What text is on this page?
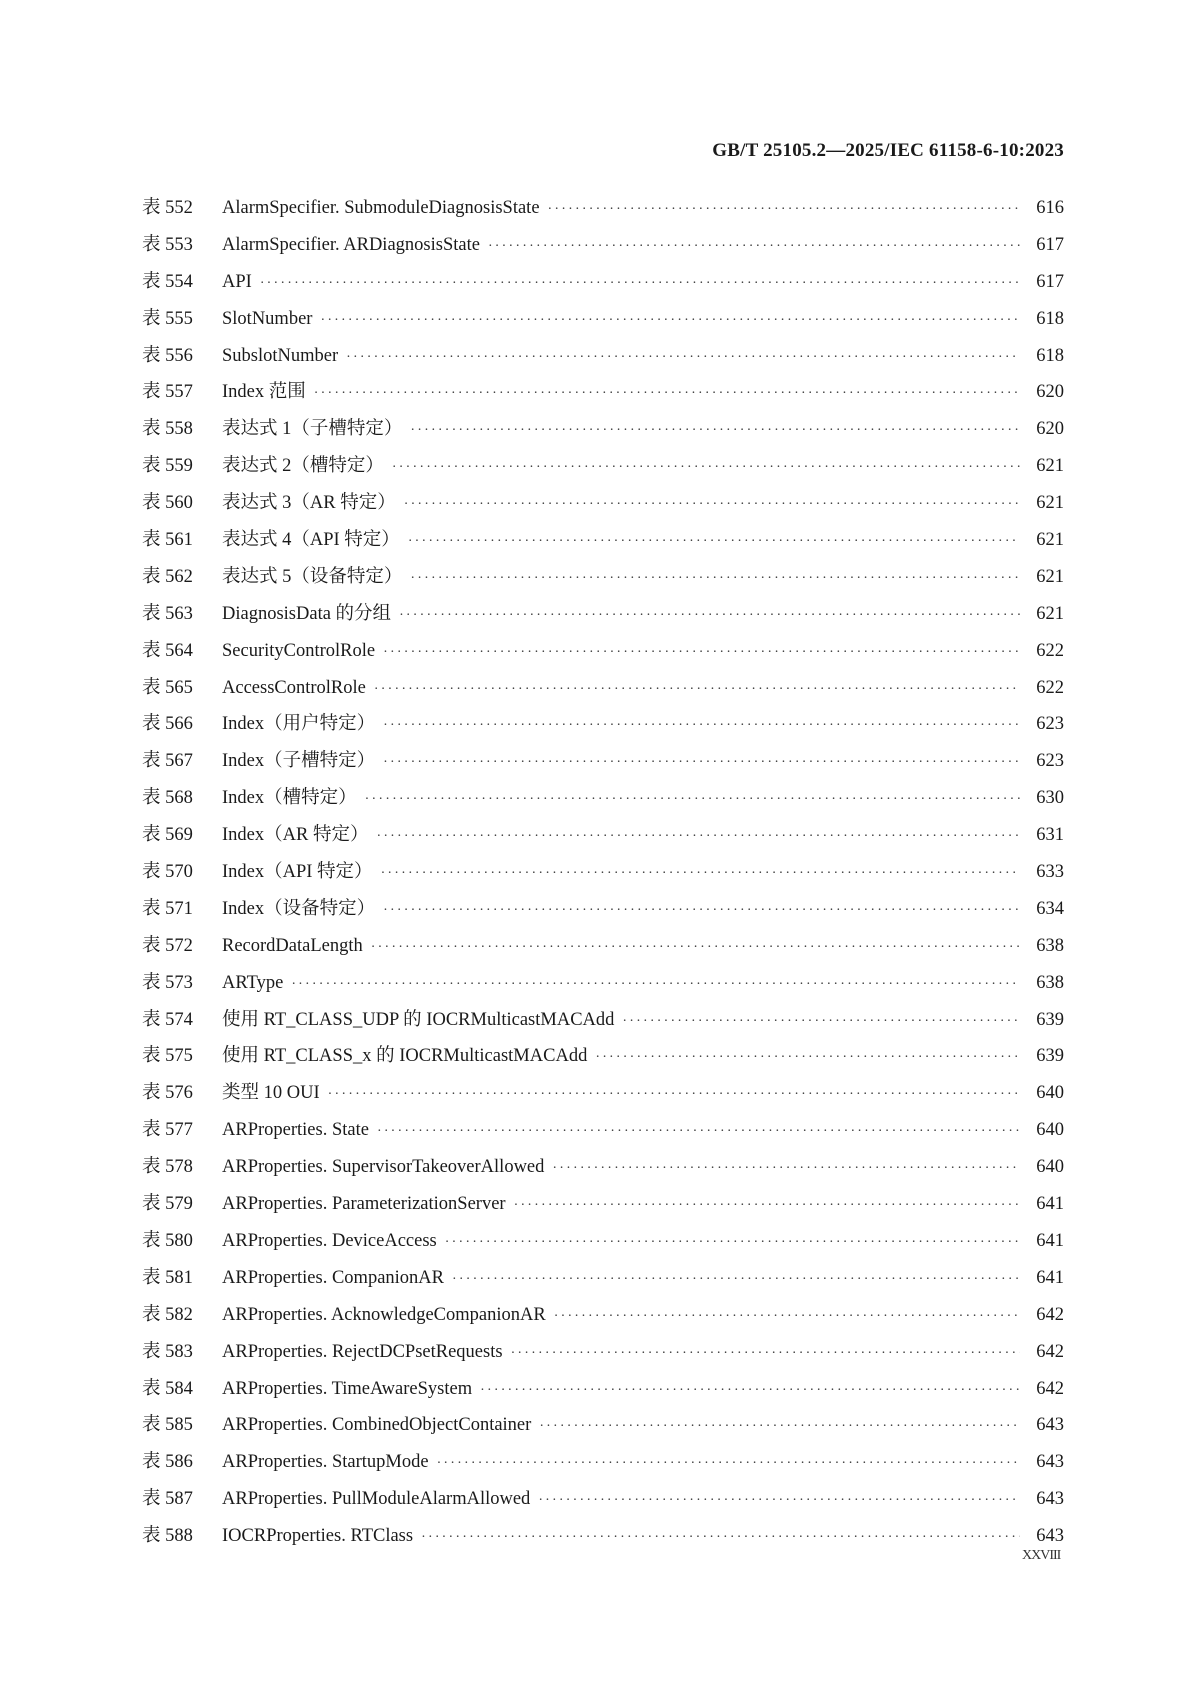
GB/T 25105.2—2025/IEC 61158-6-10:2023
表 552	AlarmSpecifier. SubmoduleDiagnosisState ·····	616
表 553	AlarmSpecifier. ARDiagnosisState ·····	617
表 554	API ·····	617
表 555	SlotNumber ·····	618
表 556	SubslotNumber ·····	618
表 557	Index 范围 ·····	620
表 558	表达式 1（子槽特定） ·····	620
表 559	表达式 2（槽特定） ·····	621
表 560	表达式 3（AR 特定） ·····	621
表 561	表达式 4（API 特定） ·····	621
表 562	表达式 5（设备特定） ·····	621
表 563	DiagnosisData 的分组 ·····	621
表 564	SecurityControlRole ·····	622
表 565	AccessControlRole ·····	622
表 566	Index（用户特定） ·····	623
表 567	Index（子槽特定） ·····	623
表 568	Index（槽特定） ·····	630
表 569	Index（AR 特定） ·····	631
表 570	Index（API 特定） ·····	633
表 571	Index（设备特定） ·····	634
表 572	RecordDataLength ·····	638
表 573	ARType ·····	638
表 574	使用 RT_CLASS_UDP 的 IOCRMulticastMACAdd ·····	639
表 575	使用 RT_CLASS_x 的 IOCRMulticastMACAdd ·····	639
表 576	类型 10 OUI ·····	640
表 577	ARProperties. State ·····	640
表 578	ARProperties. SupervisorTakeoverAllowed ·····	640
表 579	ARProperties. ParameterizationServer ·····	641
表 580	ARProperties. DeviceAccess ·····	641
表 581	ARProperties. CompanionAR ·····	641
表 582	ARProperties. AcknowledgeCompanionAR ·····	642
表 583	ARProperties. RejectDCPsetRequests ·····	642
表 584	ARProperties. TimeAwareSystem ·····	642
表 585	ARProperties. CombinedObjectContainer ·····	643
表 586	ARProperties. StartupMode ·····	643
表 587	ARProperties. PullModuleAlarmAllowed ·····	643
表 588	IOCRProperties. RTClass ·····	643
XXVIII
